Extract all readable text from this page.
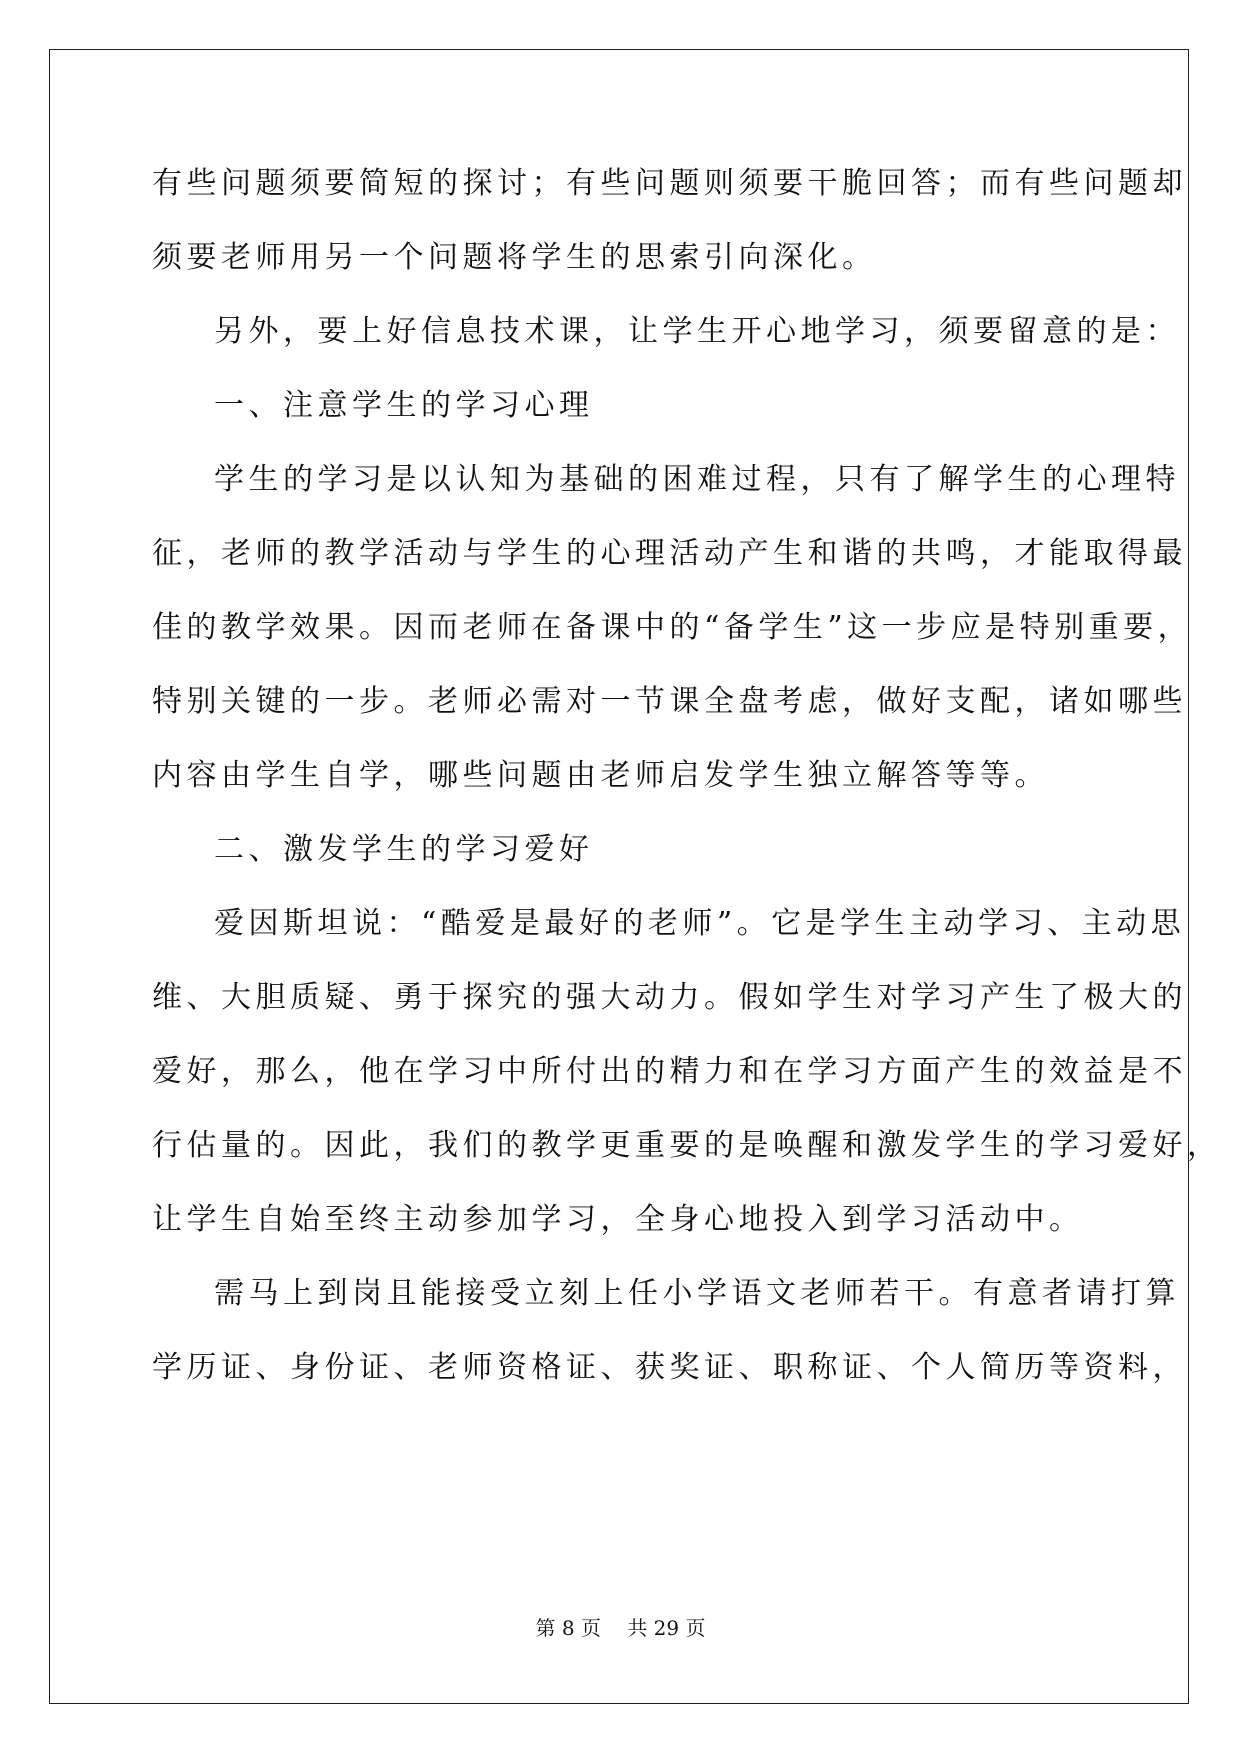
有些问题须要简短的探讨；有些问题则须要干脆回答；而有些问题却
须要老师用另一个问题将学生的思索引向深化。
另外，要上好信息技术课，让学生开心地学习，须要留意的是：
一、注意学生的学习心理
学生的学习是以认知为基础的困难过程，只有了解学生的心理特
征，老师的教学活动与学生的心理活动产生和谐的共鸣，才能取得最
佳的教学效果。因而老师在备课中的“备学生”这一步应是特别重要，
特别关键的一步。老师必需对一节课全盘考虑，做好支配，诸如哪些
内容由学生自学，哪些问题由老师启发学生独立解答等等。
二、激发学生的学习爱好
爱因斯坦说：“酷爱是最好的老师”。它是学生主动学习、主动思
维、大胆质疑、勇于探究的强大动力。假如学生对学习产生了极大的
爱好，那么，他在学习中所付出的精力和在学习方面产生的效益是不
行估量的。因此，我们的教学更重要的是唤醒和激发学生的学习爱好，
让学生自始至终主动参加学习，全身心地投入到学习活动中。
需马上到岗且能接受立刻上任小学语文老师若干。有意者请打算
学历证、身份证、老师资格证、获奖证、职称证、个人简历等资料，
第 8 页 共 29 页
